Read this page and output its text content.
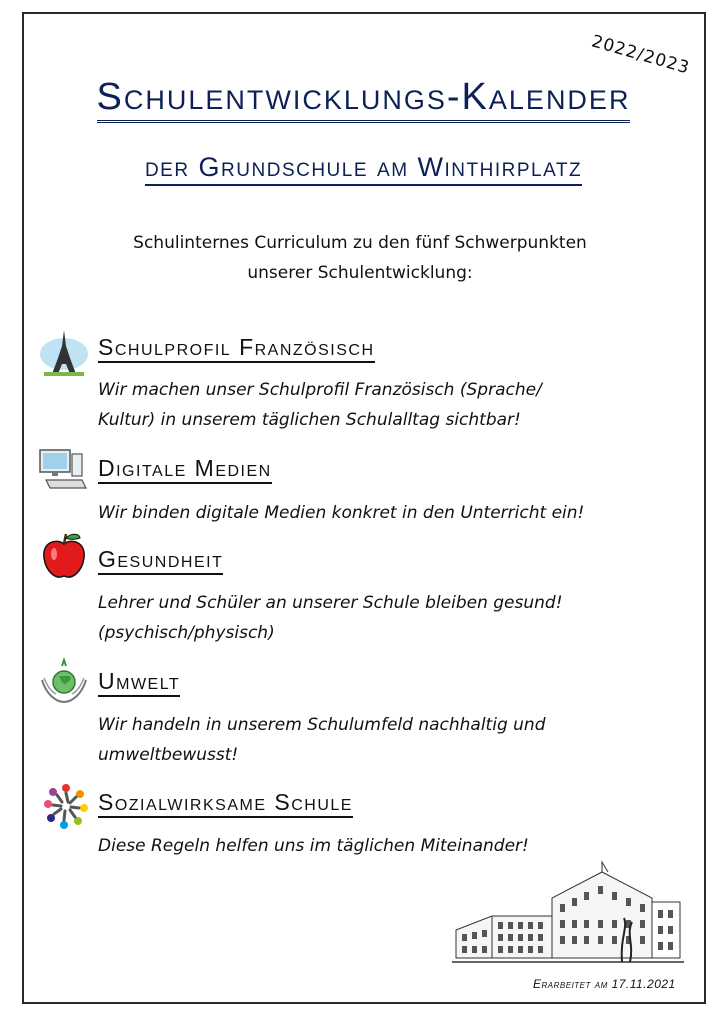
2022/2023
Schulentwicklungs-Kalender
der Grundschule am Winthirplatz
Schulinternes Curriculum zu den fünf Schwerpunkten
unserer Schulentwicklung:
Schulprofil Französisch
Wir machen unser Schulprofil Französisch (Sprache/
Kultur) in unserem täglichen Schulalltag sichtbar!
Digitale Medien
Wir binden digitale Medien konkret in den Unterricht ein!
Gesundheit
Lehrer und Schüler an unserer Schule bleiben gesund!
(psychisch/physisch)
Umwelt
Wir handeln in unserem Schulumfeld nachhaltig und
umweltbewusst!
Sozialwirksame Schule
Diese Regeln helfen uns im täglichen Miteinander!
Erarbeitet am 17.11.2021
